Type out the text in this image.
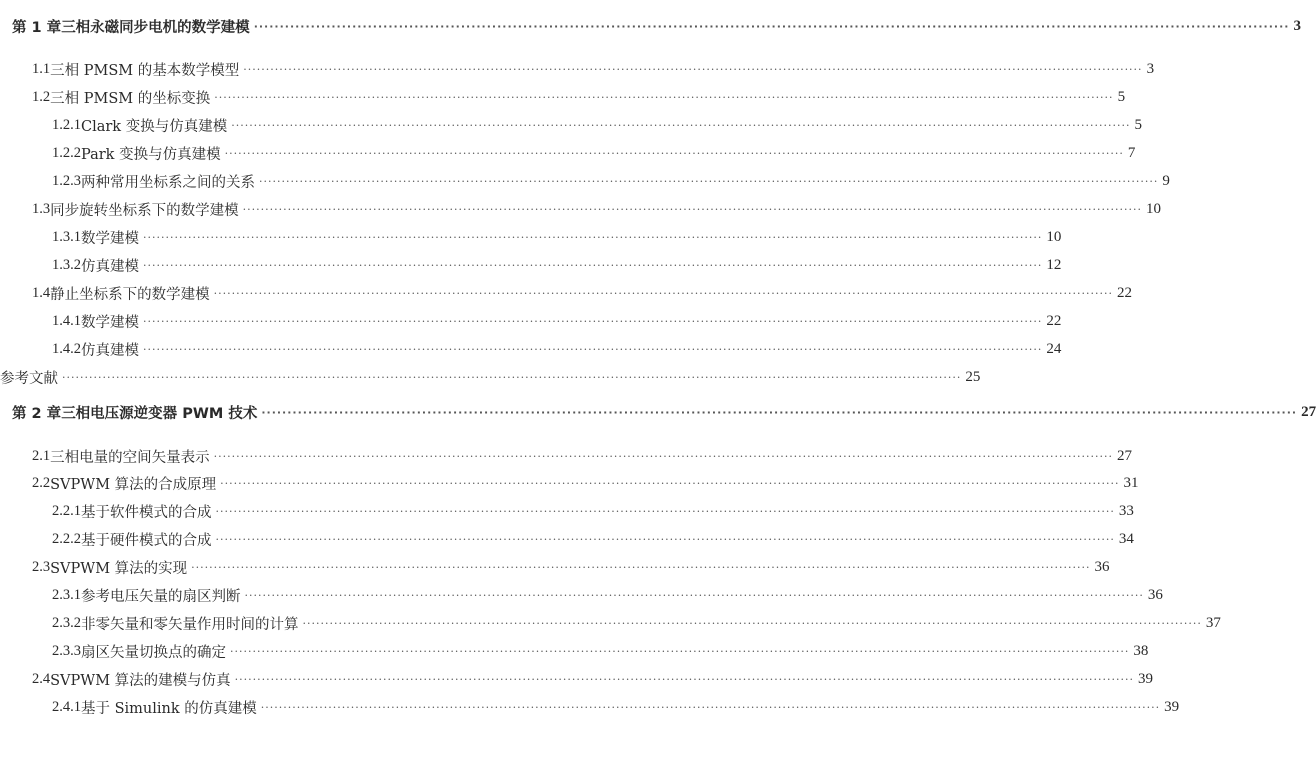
第 1 章 三相永磁同步电机的数学建模 ········································································································································································································ 3
1.1 三相 PMSM 的基本数学模型 ········································································································································································································ 3
1.2 三相 PMSM 的坐标变换 ········································································································································································································ 5
1.2.1 Clark 变换与仿真建模 ········································································································································································································ 5
1.2.2 Park 变换与仿真建模 ········································································································································································································ 7
1.2.3 两种常用坐标系之间的关系 ········································································································································································································ 9
1.3 同步旋转坐标系下的数学建模 ········································································································································································································ 10
1.3.1 数学建模 ········································································································································································································ 10
1.3.2 仿真建模 ········································································································································································································ 12
1.4 静止坐标系下的数学建模 ········································································································································································································ 22
1.4.1 数学建模 ········································································································································································································ 22
1.4.2 仿真建模 ········································································································································································································ 24
参考文献 ········································································································································································································ 25
第 2 章 三相电压源逆变器 PWM 技术 ········································································································································································································ 27
2.1 三相电量的空间矢量表示 ········································································································································································································ 27
2.2 SVPWM 算法的合成原理 ········································································································································································································ 31
2.2.1 基于软件模式的合成 ········································································································································································································ 33
2.2.2 基于硬件模式的合成 ········································································································································································································ 34
2.3 SVPWM 算法的实现 ········································································································································································································ 36
2.3.1 参考电压矢量的扇区判断 ········································································································································································································ 36
2.3.2 非零矢量和零矢量作用时间的计算 ········································································································································································································ 37
2.3.3 扇区矢量切换点的确定 ········································································································································································································ 38
2.4 SVPWM 算法的建模与仿真 ········································································································································································································ 39
2.4.1 基于 Simulink 的仿真建模 ········································································································································································································ 39
